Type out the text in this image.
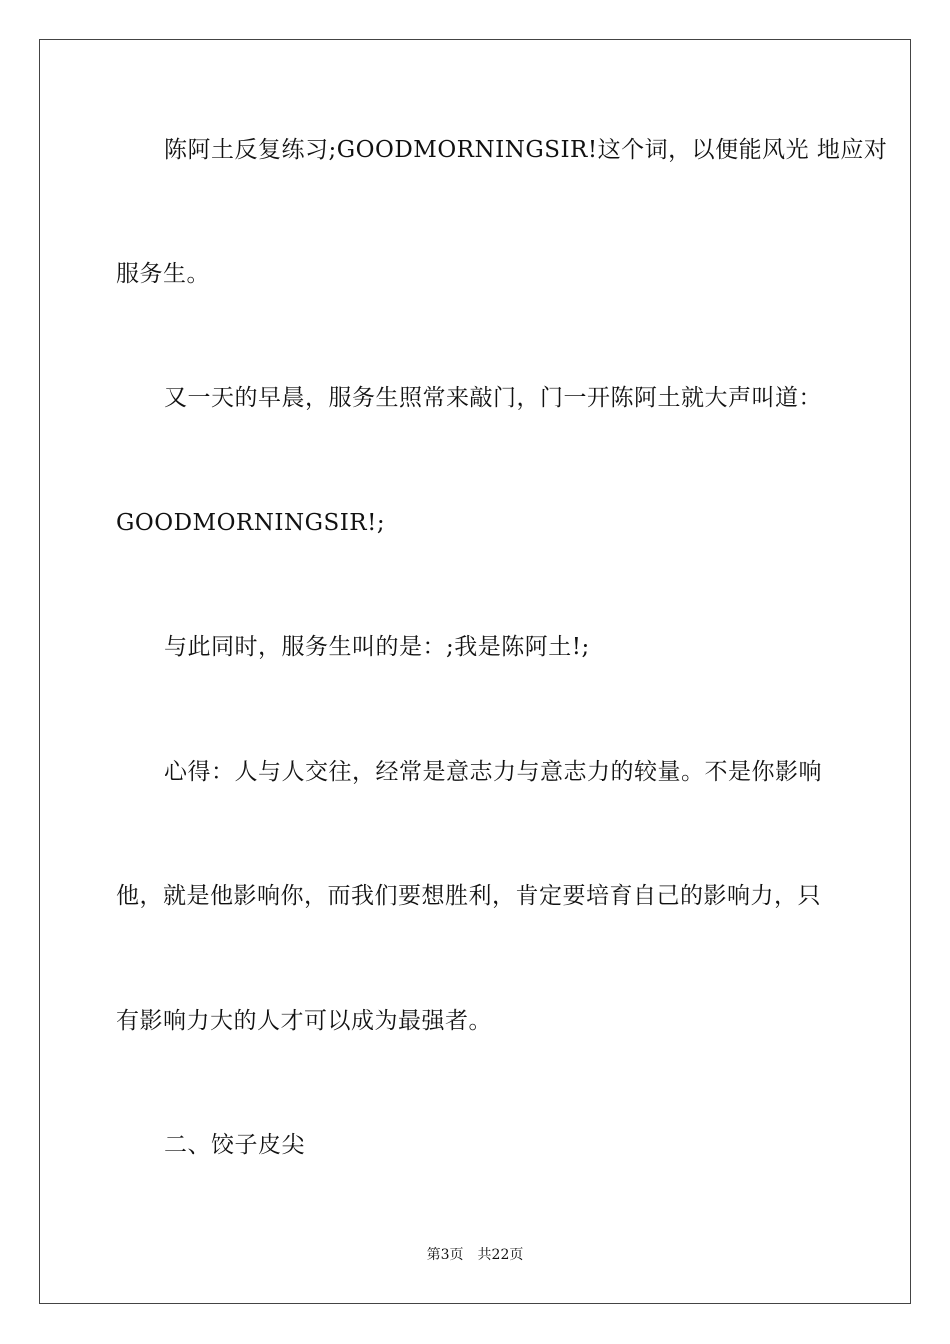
陈阿土反复练习;GOODMORNINGSIR!这个词，以便能风光 地应对
服务生。
又一天的早晨，服务生照常来敲门，门一开陈阿土就大声叫道：
GOODMORNINGSIR!;
与此同时，服务生叫的是：;我是陈阿土!;
心得：人与人交往，经常是意志力与意志力的较量。不是你影响
他，就是他影响你，而我们要想胜利，肯定要培育自己的影响力，只
有影响力大的人才可以成为最强者。
二、饺子皮尖
第3页 共22页
